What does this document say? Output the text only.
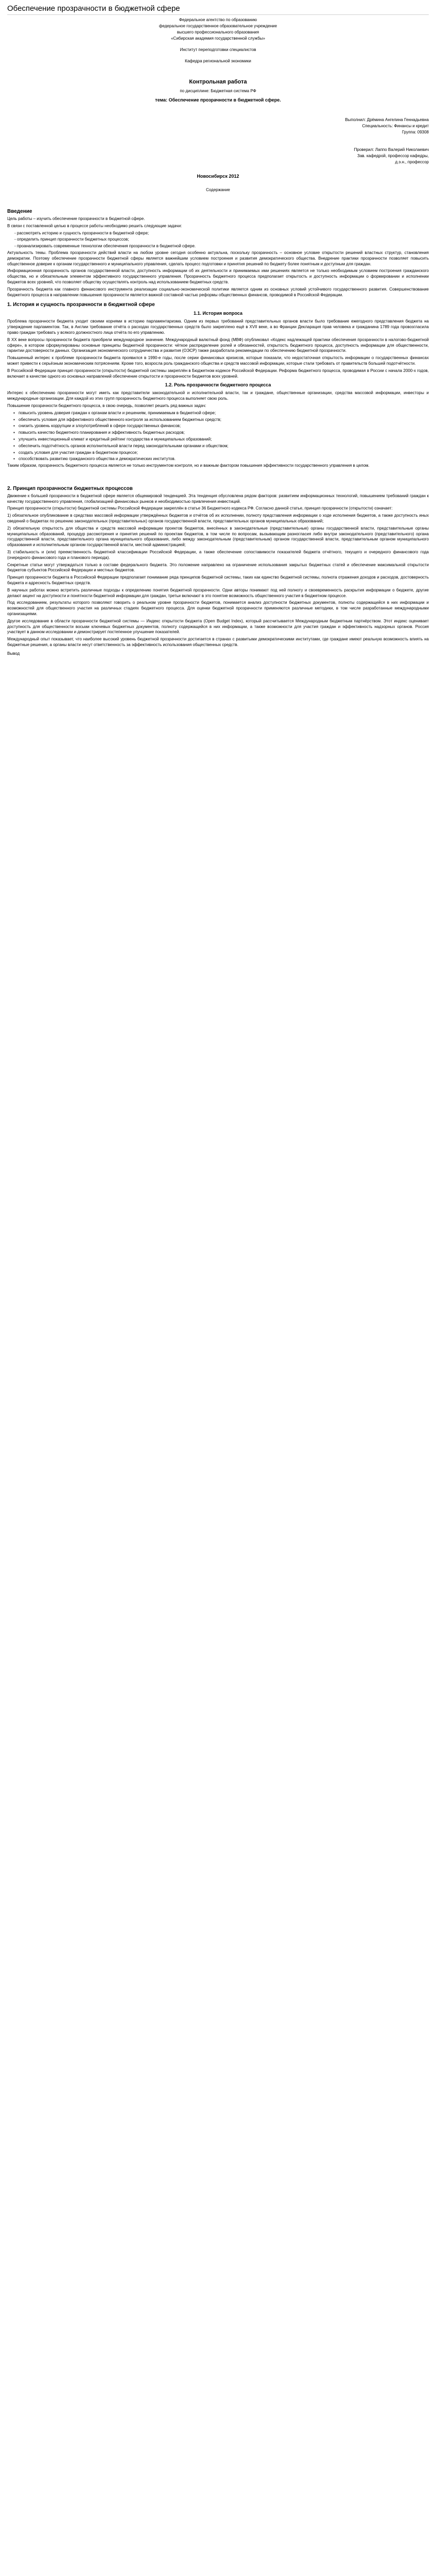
Обеспечение прозрачности в бюджетной сфере
Федеральное агентство по образованию
федеральное государственное образовательное учреждение
высшего профессионального образования
«Сибирская академия государственной службы»
Институт переподготовки специалистов
Кафедра региональной экономики
Контрольная работа
по дисциплине: Бюджетная система РФ
тема: Обеспечение прозрачности в бюджетной сфере.
Выполнил: Дрёмина Ангелина Геннадьевна
Специальность: Финансы и кредит
Группа: 09308
Проверил: Лаппо Валерий Николаевич
Зав. кафедрой, профессор кафедры,
д.э.н., профессор
Новосибирск 2012
Содержание
Введение

Цель работы – изучить обеспечение прозрачности в бюджетной сфере.

В связи с поставленной целью в процессе работы необходимо решить следующие задачи:

- рассмотреть историю и сущность прозрачности в бюджетной сфере;

- определить принцип прозрачности бюджетных процессов;

- проанализировать современные технологии обеспечения прозрачности в бюджетной сфере.

Актуальность темы. Проблема прозрачности действий власти на любом уровне сегодня особенно актуальна, поскольку прозрачность – основное условие открытости решений властных структур, становления демократии. Поэтому обеспечение прозрачности бюджетной сферы является важнейшим условием построения и развития демократического общества. Внедрение практики прозрачности позволяет повысить общественное доверие к органам государственного и муниципального управления, сделать процесс подготовки и принятия решений по бюджету более понятным и доступным для граждан.

Информационная прозрачность органов государственной власти, доступность информации об их деятельности и принимаемых ими решениях является не только необходимым условием построения гражданского общества, но и обязательным элементом эффективного государственного управления. Прозрачность бюджетного процесса предполагает открытость и доступность информации о формировании и исполнении бюджетов всех уровней, что позволяет обществу осуществлять контроль над использованием бюджетных средств.

Прозрачность бюджета как главного финансового инструмента реализации социально-экономической политики является одним из основных условий устойчивого государственного развития. Совершенствование бюджетного процесса в направлении повышения прозрачности является важной составной частью реформы общественных финансов, проводимой в Российской Федерации.

1. История и сущность прозрачности в бюджетной сфере
1.1. История вопроса

Проблема прозрачности бюджета уходит своими корнями в историю парламентаризма. Одним из первых требований представительных органов власти было требование ежегодного представления бюджета на утверждение парламентом. Так, в Англии требование отчёта о расходах государственных средств было закреплено ещё в XVII веке, а во Франции Декларация прав человека и гражданина 1789 года провозгласила право граждан требовать у всякого должностного лица отчёта по его управлению.

В XX веке вопросы прозрачности бюджета приобрели международное значение. Международный валютный фонд (МВФ) опубликовал «Кодекс надлежащей практики обеспечения прозрачности в налогово-бюджетной сфере», в котором сформулированы основные принципы бюджетной прозрачности: чёткое распределение ролей и обязанностей, открытость бюджетного процесса, доступность информации для общественности, гарантии достоверности данных. Организация экономического сотрудничества и развития (ОЭСР) также разработала рекомендации по обеспечению бюджетной прозрачности.

Повышенный интерес к проблеме прозрачности бюджета проявился в 1990-е годы, после серии финансовых кризисов, которые показали, что недостаточная открытость информации о государственных финансах может привести к серьёзным экономическим потрясениям. Кроме того, возросла роль гражданского общества и средств массовой информации, которые стали требовать от правительств большей подотчётности.

В Российской Федерации принцип прозрачности (открытости) бюджетной системы закреплён в Бюджетном кодексе Российской Федерации. Реформа бюджетного процесса, проводимая в России с начала 2000-х годов, включает в качестве одного из основных направлений обеспечение открытости и прозрачности бюджетов всех уровней.

1.2. Роль прозрачности бюджетного процесса

Интерес к обеспечению прозрачности могут иметь как представители законодательной и исполнительной власти, так и граждане, общественные организации, средства массовой информации, инвесторы и международные организации. Для каждой из этих групп прозрачность бюджетного процесса выполняет свою роль.

Повышение прозрачности бюджетного процесса, в свою очередь, позволяет решить ряд важных задач:

▪ повысить уровень доверия граждан к органам власти и решениям, принимаемым в бюджетной сфере;
▪ обеспечить условия для эффективного общественного контроля за использованием бюджетных средств;
▪ снизить уровень коррупции и злоупотреблений в сфере государственных финансов;
▪ повысить качество бюджетного планирования и эффективность бюджетных расходов;
▪ улучшить инвестиционный климат и кредитный рейтинг государства и муниципальных образований;
▪ обеспечить подотчётность органов исполнительной власти перед законодательными органами и обществом;
▪ создать условия для участия граждан в бюджетном процессе;
▪ способствовать развитию гражданского общества и демократических институтов.

Таким образом, прозрачность бюджетного процесса является не только инструментом контроля, но и важным фактором повышения эффективности государственного управления в целом.

2. Принцип прозрачности бюджетных процессов

Движение к большей прозрачности в бюджетной сфере является общемировой тенденцией. Эта тенденция обусловлена рядом факторов: развитием информационных технологий, повышением требований граждан к качеству государственного управления, глобализацией финансовых рынков и необходимостью привлечения инвестиций.

Принцип прозрачности (открытости) бюджетной системы Российской Федерации закреплён в статье 36 Бюджетного кодекса РФ. Согласно данной статье, принцип прозрачности (открытости) означает:

1) обязательное опубликование в средствах массовой информации утверждённых бюджетов и отчётов об их исполнении, полноту представления информации о ходе исполнения бюджетов, а также доступность иных сведений о бюджетах по решению законодательных (представительных) органов государственной власти, представительных органов муниципальных образований;

2) обязательную открытость для общества и средств массовой информации проектов бюджетов, внесённых в законодательные (представительные) органы государственной власти, представительные органы муниципальных образований, процедур рассмотрения и принятия решений по проектам бюджетов, в том числе по вопросам, вызывающим разногласия либо внутри законодательного (представительного) органа государственной власти, представительного органа муниципального образования, либо между законодательным (представительным) органом государственной власти, представительным органом муниципального образования и исполнительным органом государственной власти, местной администрацией;

3) стабильность и (или) преемственность бюджетной классификации Российской Федерации, а также обеспечение сопоставимости показателей бюджета отчётного, текущего и очередного финансового года (очередного финансового года и планового периода).

Секретные статьи могут утверждаться только в составе федерального бюджета. Это положение направлено на ограничение использования закрытых бюджетных статей и обеспечение максимальной открытости бюджетов субъектов Российской Федерации и местных бюджетов.

Принцип прозрачности бюджета в Российской Федерации предполагает понимание ряда принципов бюджетной системы, таких как единство бюджетной системы, полнота отражения доходов и расходов, достоверность бюджета и адресность бюджетных средств.

В научных работах можно встретить различные подходы к определению понятия бюджетной прозрачности. Одни авторы понимают под ней полноту и своевременность раскрытия информации о бюджете, другие делают акцент на доступности и понятности бюджетной информации для граждан, третьи включают в это понятие возможность общественного участия в бюджетном процессе.

Под исследованием, результаты которого позволяют говорить о реальном уровне прозрачности бюджетов, понимается анализ доступности бюджетных документов, полноты содержащейся в них информации и возможностей для общественного участия на различных стадиях бюджетного процесса. Для оценки бюджетной прозрачности применяются различные методики, в том числе разработанные международными организациями.

Другое исследование в области прозрачности бюджетной системы — Индекс открытости бюджета (Open Budget Index), который рассчитывается Международным бюджетным партнёрством. Этот индекс оценивает доступность для общественности восьми ключевых бюджетных документов, полноту содержащейся в них информации, а также возможности для участия граждан и эффективность надзорных органов. Россия участвует в данном исследовании и демонстрирует постепенное улучшение показателей.

Международный опыт показывает, что наиболее высокий уровень бюджетной прозрачности достигается в странах с развитыми демократическими институтами, где граждане имеют реальную возможность влиять на бюджетные решения, а органы власти несут ответственность за эффективность использования общественных средств.

Вывод
